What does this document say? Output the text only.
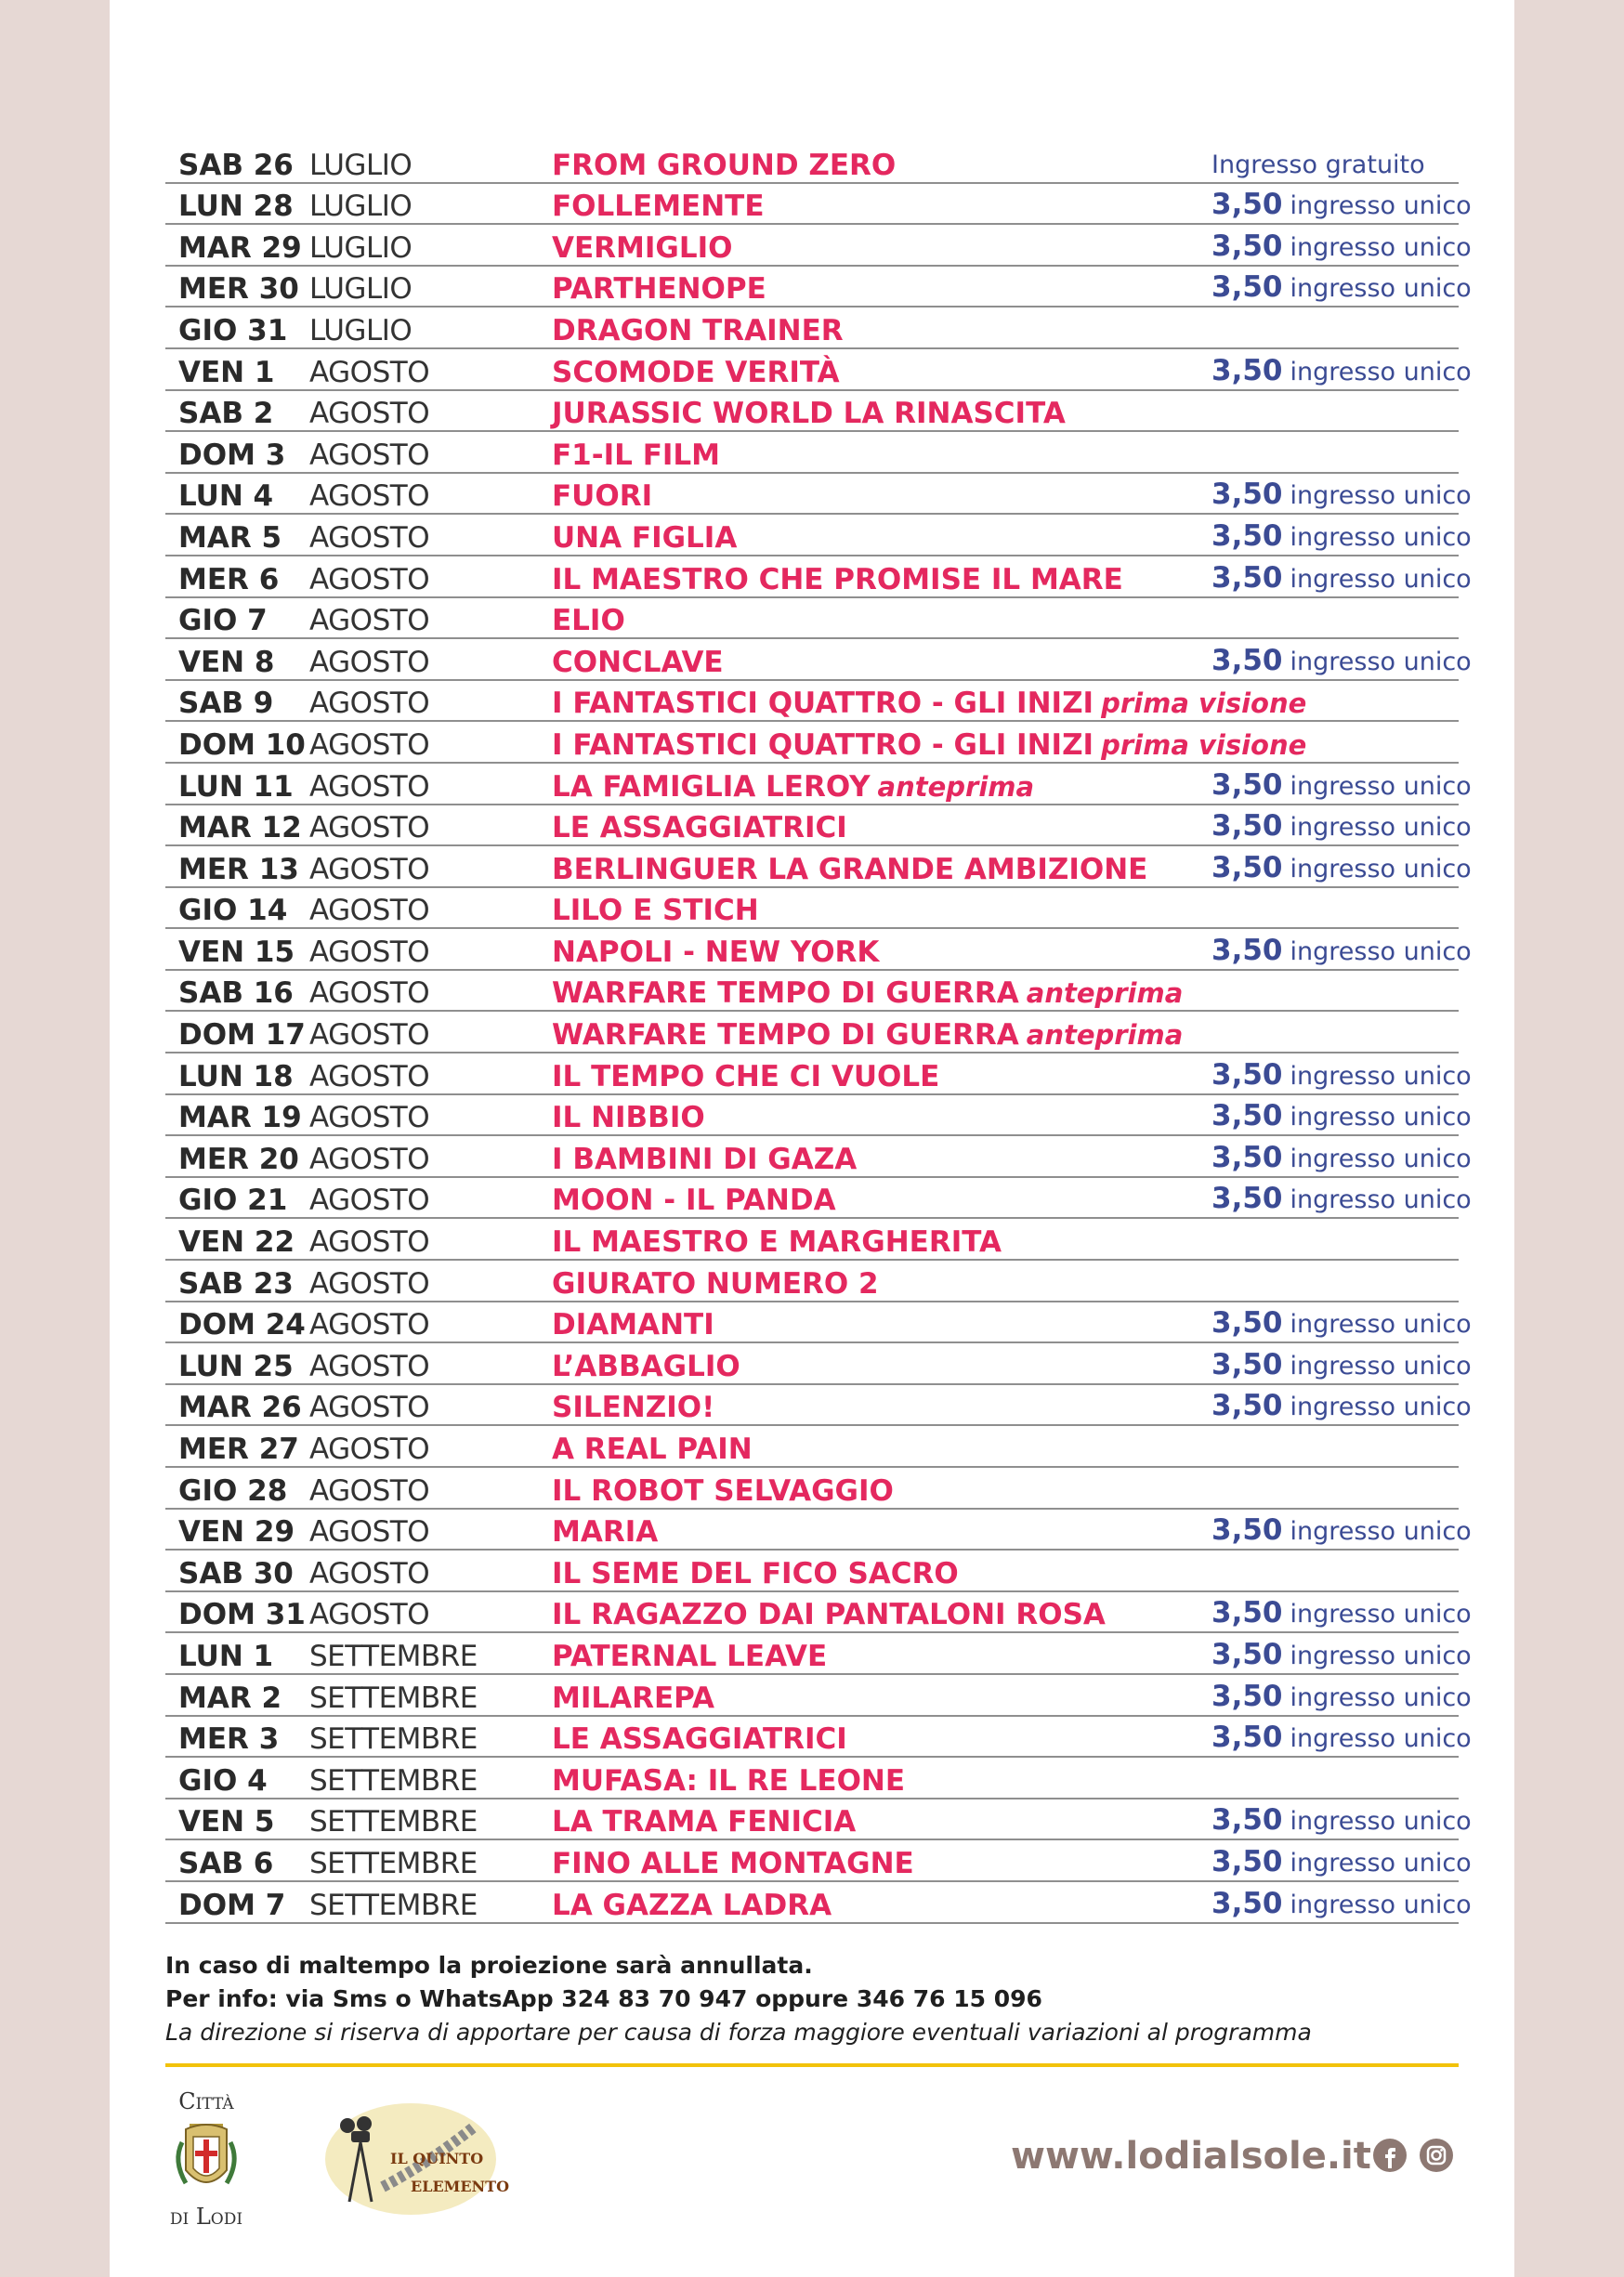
SAB 26 LUGLIO	FROM GROUND ZERO	Ingresso gratuito
LUN 28 LUGLIO	FOLLEMENTE	3,50 ingresso unico
MAR 29 LUGLIO	VERMIGLIO	3,50 ingresso unico
MER 30 LUGLIO	PARTHENOPE	3,50 ingresso unico
GIO 31 LUGLIO	DRAGON TRAINER
VEN 1 AGOSTO	SCOMODE VERITÀ	3,50 ingresso unico
SAB 2 AGOSTO	JURASSIC WORLD LA RINASCITA
DOM 3 AGOSTO	F1-IL FILM
LUN 4 AGOSTO	FUORI	3,50 ingresso unico
MAR 5 AGOSTO	UNA FIGLIA	3,50 ingresso unico
MER 6 AGOSTO	IL MAESTRO CHE PROMISE IL MARE	3,50 ingresso unico
GIO 7 AGOSTO	ELIO
VEN 8 AGOSTO	CONCLAVE	3,50 ingresso unico
SAB 9 AGOSTO	I FANTASTICI QUATTRO - GLI INIZI prima visione
DOM 10 AGOSTO	I FANTASTICI QUATTRO - GLI INIZI prima visione
LUN 11 AGOSTO	LA FAMIGLIA LEROY anteprima	3,50 ingresso unico
MAR 12 AGOSTO	LE ASSAGGIATRICI	3,50 ingresso unico
MER 13 AGOSTO	BERLINGUER LA GRANDE AMBIZIONE 3,50 ingresso unico
GIO 14 AGOSTO	LILO E STICH
VEN 15 AGOSTO	NAPOLI - NEW YORK	3,50 ingresso unico
SAB 16 AGOSTO	WARFARE TEMPO DI GUERRA anteprima
DOM 17 AGOSTO	WARFARE TEMPO DI GUERRA anteprima
LUN 18 AGOSTO	IL TEMPO CHE CI VUOLE	3,50 ingresso unico
MAR 19 AGOSTO	IL NIBBIO	3,50 ingresso unico
MER 20 AGOSTO	I BAMBINI DI GAZA	3,50 ingresso unico
GIO 21 AGOSTO	MOON - IL PANDA	3,50 ingresso unico
VEN 22 AGOSTO	IL MAESTRO E MARGHERITA
SAB 23 AGOSTO	GIURATO NUMERO 2
DOM 24 AGOSTO	DIAMANTI	3,50 ingresso unico
LUN 25 AGOSTO	L’ABBAGLIO	3,50 ingresso unico
MAR 26 AGOSTO	SILENZIO!	3,50 ingresso unico
MER 27 AGOSTO	A REAL PAIN
GIO 28 AGOSTO	IL ROBOT SELVAGGIO
VEN 29 AGOSTO	MARIA	3,50 ingresso unico
SAB 30 AGOSTO	IL SEME DEL FICO SACRO
DOM 31 AGOSTO	IL RAGAZZO DAI PANTALONI ROSA	3,50 ingresso unico
LUN 1 SETTEMBRE	PATERNAL LEAVE	3,50 ingresso unico
MAR 2 SETTEMBRE	MILAREPA	3,50 ingresso unico
MER 3 SETTEMBRE	LE ASSAGGIATRICI	3,50 ingresso unico
GIO 4 SETTEMBRE	MUFASA: IL RE LEONE
VEN 5 SETTEMBRE	LA TRAMA FENICIA	3,50 ingresso unico
SAB 6 SETTEMBRE	FINO ALLE MONTAGNE	3,50 ingresso unico
DOM 7 SETTEMBRE	LA GAZZA LADRA	3,50 ingresso unico
In caso di maltempo la proiezione sarà annullata.
Per info: via Sms o WhatsApp 324 83 70 947 oppure 346 76 15 096
La direzione si riserva di apportare per causa di forza maggiore eventuali variazioni al programma
Città
di Lodi
IL QUINTO
ELEMENTO
www.lodialsole.it
